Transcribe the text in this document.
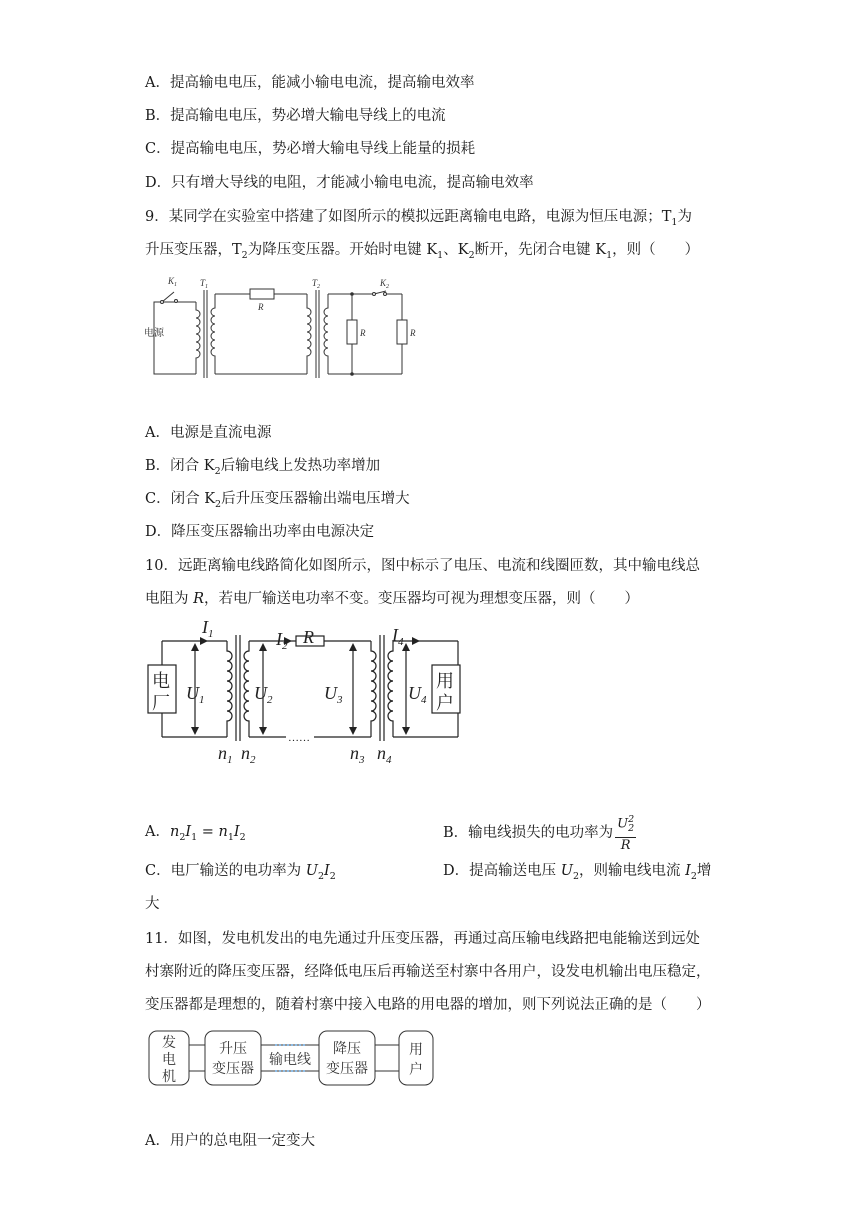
A．提高输电电压，能减小输电电流，提高输电效率
B．提高输电电压，势必增大输电导线上的电流
C．提高输电电压，势必增大输电导线上能量的损耗
D．只有增大导线的电阻，才能减小输电电流，提高输电效率
9．某同学在实验室中搭建了如图所示的模拟远距离输电电路，电源为恒压电源；$T_1$为
升压变压器，$T_2$为降压变压器。开始时电键 $K_1$、$K_2$断开，先闭合电键 $K_1$，则（　　）
$K_1$	$T_1$
R
$T_2$	$K_2$
R	R
电源
A．电源是直流电源
B．闭合 $K_2$后输电线上发热功率增加
C．闭合 $K_2$后升压变压器输出端电压增大
D．降压变压器输出功率由电源决定
10．远距离输电线路简化如图所示，图中标示了电压、电流和线圈匝数，其中输电线总
电阻为 R，若电厂输送电功率不变。变压器均可视为理想变压器，则（　　）
……
$I_1$	$I_2$ R	$I_4$
$U_1$	$U_2$	$U_3$	$U_4$
$n_1$ $n_2$	$n_3$ $n_4$
电
厂
用
户
A．$n_2I_1 = n_1I_2$	B．输电线损失的电功率为 $\frac{U^2_2}{R}$
C．电厂输送的电功率为 $U_2I_2$	D．提高输送电压 $U_2$，则输电线电流 $I_2$增
大
11．如图，发电机发出的电先通过升压变压器，再通过高压输电线路把电能输送到远处
村寨附近的降压变压器，经降低电压后再输送至村寨中各用户，设发电机输出电压稳定，
变压器都是理想的，随着村寨中接入电路的用电器的增加，则下列说法正确的是（　　）
发
电
机
升压
变压器
输电线
降压
变压器
用
户
A．用户的总电阻一定变大
